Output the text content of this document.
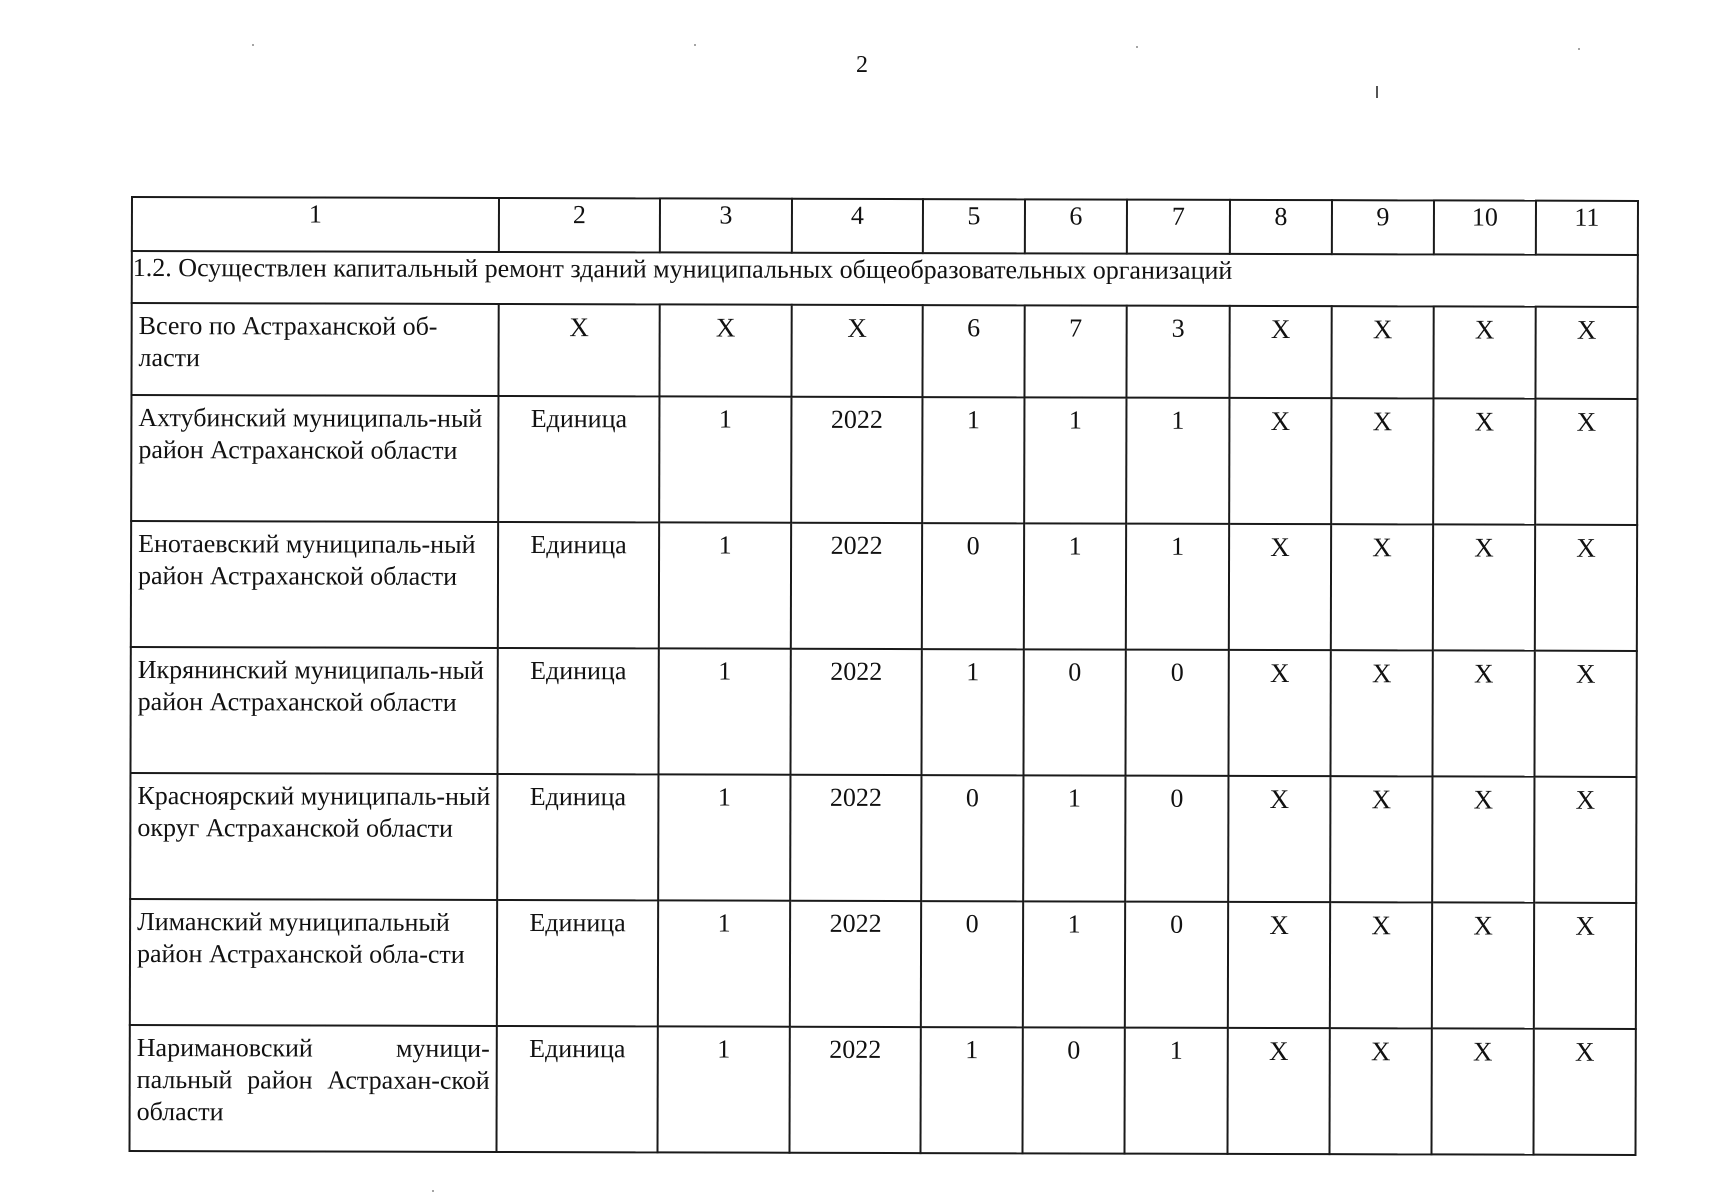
2
1	2	3	4	5	6	7	8	9	10	11
1.2. Осуществлен капитальный ремонт зданий муниципальных общеобразовательных организаций										
Всего по Астраханской об-ласти	Х	Х	Х	6	7	3	Х	Х	Х	Х
Ахтубинский муниципаль-ный район Астраханской области	Единица	1	2022	1	1	1	Х	Х	Х	Х
Енотаевский муниципаль-ный район Астраханской области	Единица	1	2022	0	1	1	Х	Х	Х	Х
Икрянинский муниципаль-ный район Астраханской области	Единица	1	2022	1	0	0	Х	Х	Х	Х
Красноярский муниципаль-ный округ Астраханской области	Единица	1	2022	0	1	0	Х	Х	Х	Х
Лиманский муниципальный район Астраханской обла-сти	Единица	1	2022	0	1	0	Х	Х	Х	Х
Наримановский муници-пальный район Астрахан-ской области	Единица	1	2022	1	0	1	Х	Х	Х	Х
